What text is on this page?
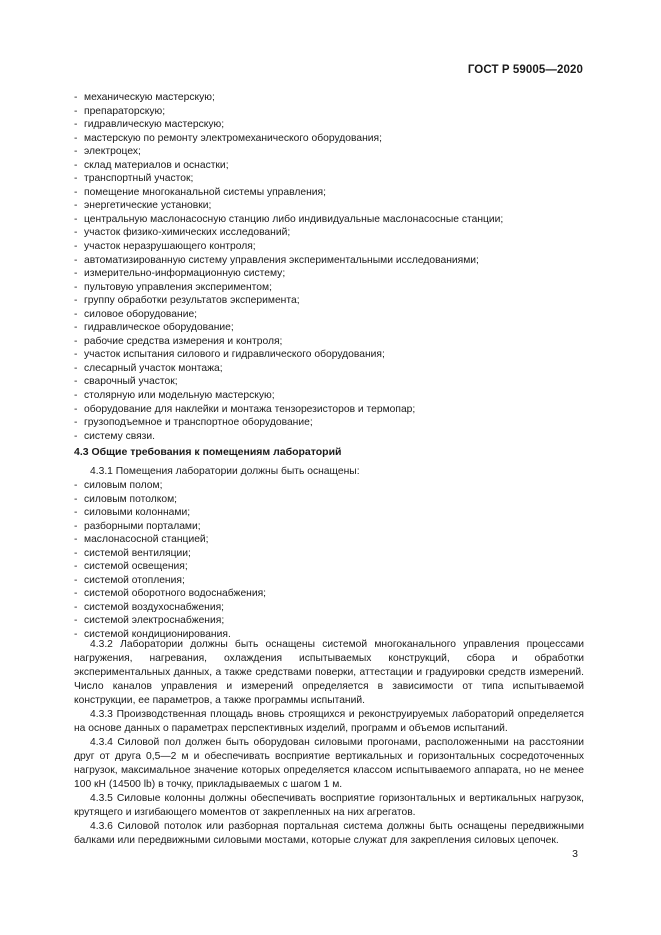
ГОСТ Р 59005—2020
- механическую мастерскую;
- препараторскую;
- гидравлическую мастерскую;
- мастерскую по ремонту электромеханического оборудования;
- электроцех;
- склад материалов и оснастки;
- транспортный участок;
- помещение многоканальной системы управления;
- энергетические установки;
- центральную маслонасосную станцию либо индивидуальные маслонасосные станции;
- участок физико-химических исследований;
- участок неразрушающего контроля;
- автоматизированную систему управления экспериментальными исследованиями;
- измерительно-информационную систему;
- пультовую управления экспериментом;
- группу обработки результатов эксперимента;
- силовое оборудование;
- гидравлическое оборудование;
- рабочие средства измерения и контроля;
- участок испытания силового и гидравлического оборудования;
- слесарный участок монтажа;
- сварочный участок;
- столярную или модельную мастерскую;
- оборудование для наклейки и монтажа тензорезисторов и термопар;
- грузоподъемное и транспортное оборудование;
- систему связи.
4.3 Общие требования к помещениям лабораторий
4.3.1 Помещения лаборатории должны быть оснащены:
- силовым полом;
- силовым потолком;
- силовыми колоннами;
- разборными порталами;
- маслонасосной станцией;
- системой вентиляции;
- системой освещения;
- системой отопления;
- системой оборотного водоснабжения;
- системой воздухоснабжения;
- системой электроснабжения;
- системой кондиционирования.

4.3.2 Лаборатории должны быть оснащены системой многоканального управления процессами нагружения, нагревания, охлаждения испытываемых конструкций, сбора и обработки экспериментальных данных, а также средствами поверки, аттестации и градуировки средств измерений. Число каналов управления и измерений определяется в зависимости от типа испытываемой конструкции, ее параметров, а также программы испытаний.

4.3.3 Производственная площадь вновь строящихся и реконструируемых лабораторий определяется на основе данных о параметрах перспективных изделий, программ и объемов испытаний.

4.3.4 Силовой пол должен быть оборудован силовыми прогонами, расположенными на расстоянии друг от друга 0,5—2 м и обеспечивать восприятие вертикальных и горизонтальных сосредоточенных нагрузок, максимальное значение которых определяется классом испытываемого аппарата, но не менее 100 кН (14500 lb) в точку, прикладываемых с шагом 1 м.

4.3.5 Силовые колонны должны обеспечивать восприятие горизонтальных и вертикальных нагрузок, крутящего и изгибающего моментов от закрепленных на них агрегатов.

4.3.6 Силовой потолок или разборная портальная система должны быть оснащены передвижными балками или передвижными силовыми мостами, которые служат для закрепления силовых цепочек.

3
